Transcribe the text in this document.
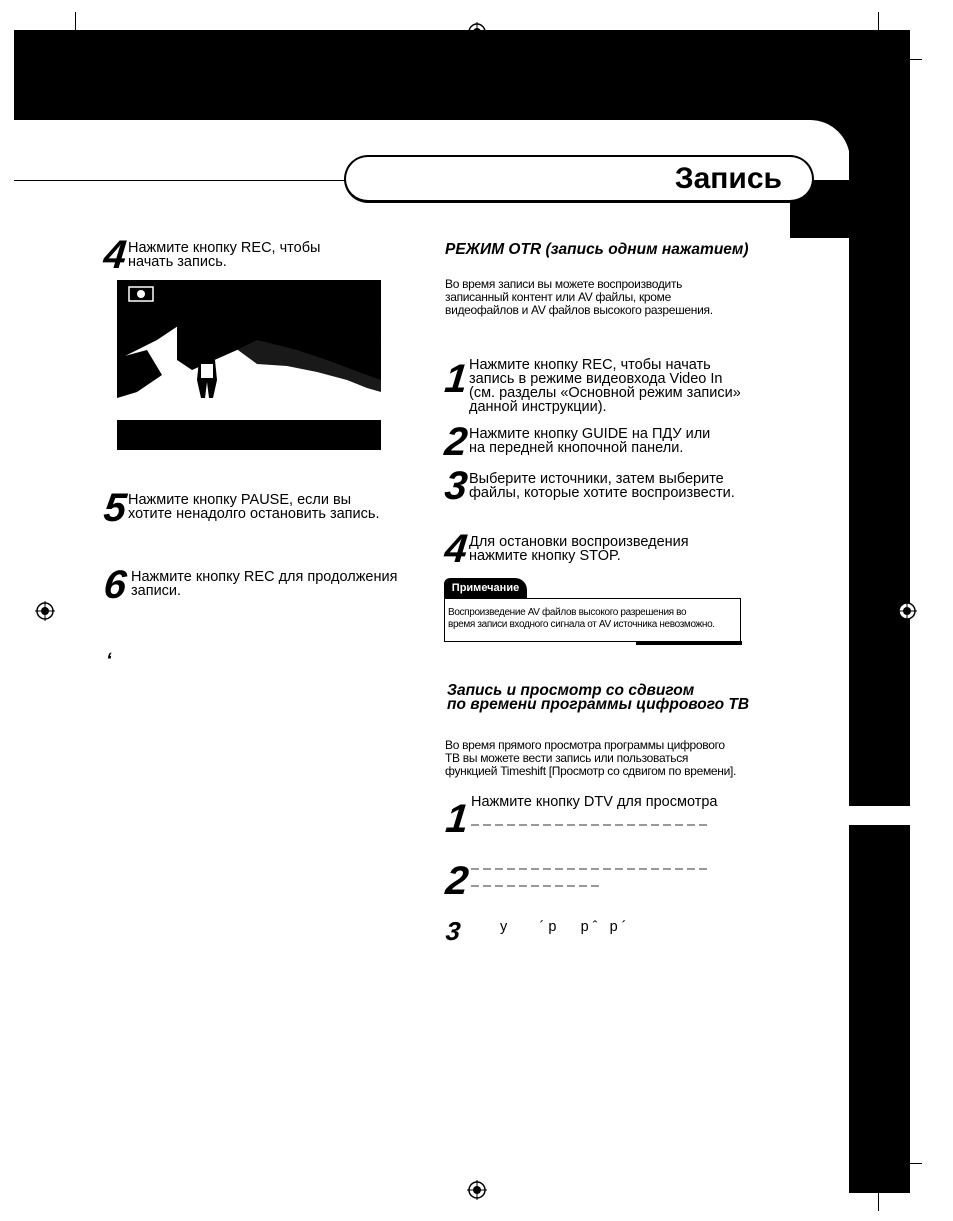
Запись
4 Нажмите кнопку REC, чтобы
начать запись.
5 Нажмите кнопку PAUSE, если вы
хотите ненадолго остановить запись.
6 Нажмите кнопку REC для продолжения
записи.
ʻ
РЕЖИМ OTR (запись одним нажатием)
Во время записи вы можете воспроизводить
записанный контент или AV файлы, кроме
видеофайлов и AV файлов высокого разрешения.
1 Нажмите кнопку REC, чтобы начать
запись в режиме видеовхода Video In
(см. разделы «Основной режим записи»
данной инструкции).
2 Нажмите кнопку GUIDE на ПДУ или
на передней кнопочной панели.
3 Выберите источники, затем выберите
файлы, которые хотите воспроизвести.
4 Для остановки воспроизведения
нажмите кнопку STOP.
Примечание
Воспроизведение AV файлов высокого разрешения во
время записи входного сигнала от AV источника невозможно.
Запись и просмотр со сдвигом
по времени программы цифрового ТВ
Во время прямого просмотра программы цифрового
ТВ вы можете вести запись или пользоваться
функцией Timeshift [Просмотр со сдвигом по времени].
1 Нажмите кнопку DTV для просмотра
2
3	у        ´ р      р ˆ   р ´
